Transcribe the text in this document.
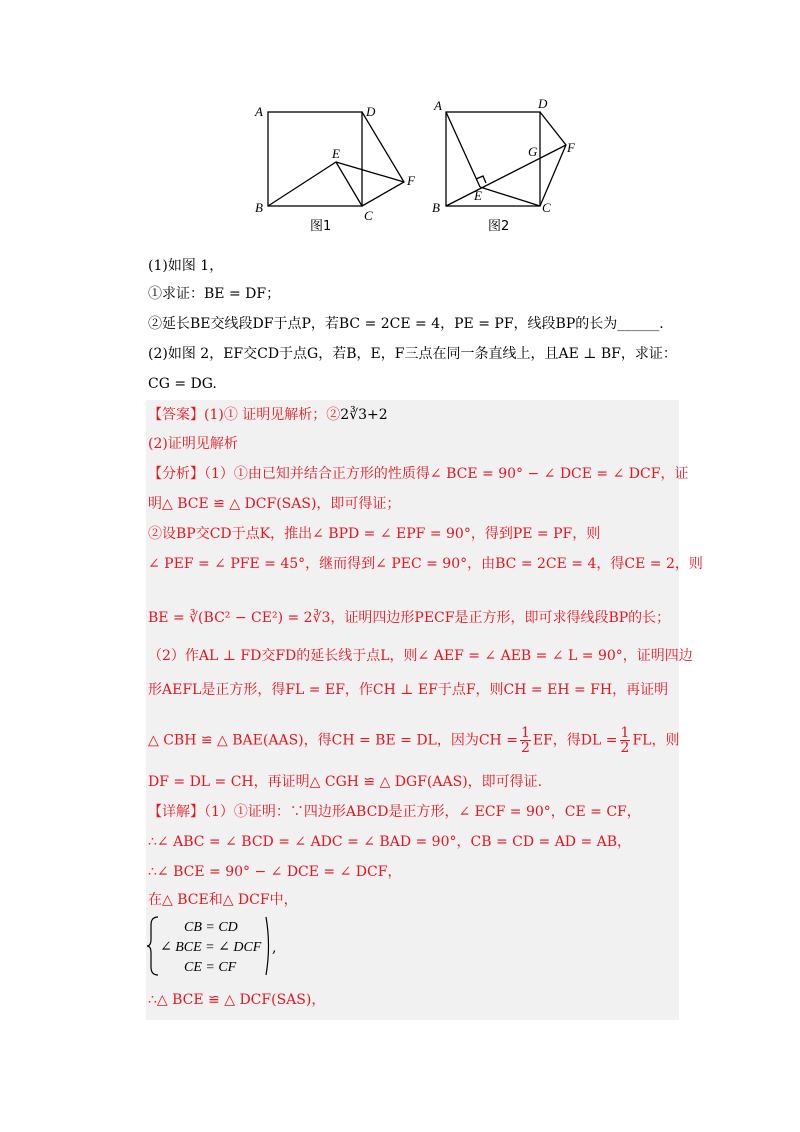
A
B
C
D
E
F
图1
A
B	C
D
E
F
G
图2
(1)如图 1，
①求证：BE = DF；
②延长BE交线段DF于点P，若BC = 2CE = 4，PE = PF，线段BP的长为______.
(2)如图 2，EF交CD于点G，若B，E，F三点在同一条直线上，且AE ⊥ BF，求证：
CG = DG.
【答案】(1)① 证明见解析；②2∛3+2
(2)证明见解析
【分析】（1）①由已知并结合正方形的性质得∠ BCE = 90° − ∠ DCE = ∠ DCF，证
明△ BCE ≌ △ DCF(SAS)，即可得证；
②设BP交CD于点K，推出∠ BPD = ∠ EPF = 90°，得到PE = PF，则
∠ PEF = ∠ PFE = 45°，继而得到∠ PEC = 90°，由BC = 2CE = 4，得CE = 2，则
BE = ∛(BC² − CE²) = 2∛3，证明四边形PECF是正方形，即可求得线段BP的长；
（2）作AL ⊥ FD交FD的延长线于点L，则∠ AEF = ∠ AEB = ∠ L = 90°，证明四边
形AEFL是正方形，得FL = EF，作CH ⊥ EF于点F，则CH = EH = FH，再证明
△ CBH ≌ △ BAE(AAS)，得CH = BE = DL，因为CH = $\frac{1}{2}$ EF，得DL = $\frac{1}{2}$ FL，则
DF = DL = CH，再证明△ CGH ≌ △ DGF(AAS)，即可得证.
【详解】（1）①证明：∵四边形ABCD是正方形，∠ ECF = 90°，CE = CF，
∴∠ ABC = ∠ BCD = ∠ ADC = ∠ BAD = 90°，CB = CD = AD = AB，
∴∠ BCE = 90° − ∠ DCE = ∠ DCF，
在△ BCE和△ DCF中，
CB = CD
∠ BCE = ∠ DCF
CE = CF
,
∴△ BCE ≌ △ DCF(SAS)，
